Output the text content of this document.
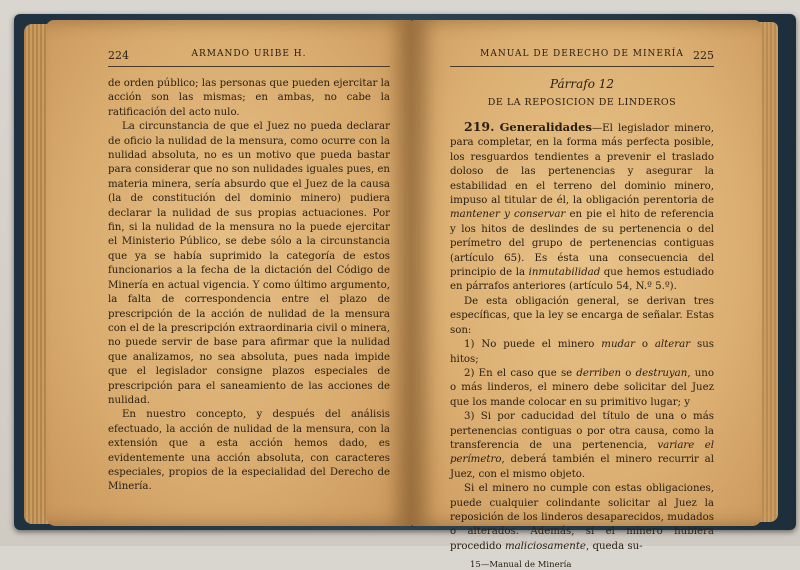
224	ARMANDO URIBE H.

de orden público; las personas que pueden ejercitar la acción son las mismas; en ambas, no cabe la ratificación del acto nulo.

La circunstancia de que el Juez no pueda declarar de oficio la nulidad de la mensura, como ocurre con la nulidad absoluta, no es un motivo que pueda bastar para considerar que no son nulidades iguales pues, en materia minera, sería absurdo que el Juez de la causa (la de constitución del dominio minero) pudiera declarar la nulidad de sus propias actuaciones. Por fin, si la nulidad de la mensura no la puede ejercitar el Ministerio Público, se debe sólo a la circunstancia que ya se había suprimido la categoría de estos funcionarios a la fecha de la dictación del Código de Minería en actual vigencia. Y como último argumento, la falta de correspondencia entre el plazo de prescripción de la acción de nulidad de la mensura con el de la prescripción extraordinaria civil o minera, no puede servir de base para afirmar que la nulidad que analizamos, no sea absoluta, pues nada impide que el legislador consigne plazos especiales de prescripción para el saneamiento de las acciones de nulidad.

En nuestro concepto, y después del análisis efectuado, la acción de nulidad de la mensura, con la extensión que a esta acción hemos dado, es evidentemente una acción absoluta, con caracteres especiales, propios de la especialidad del Derecho de Minería.

MANUAL DE DERECHO DE MINERÍA 225
Párrafo 12
DE LA REPOSICION DE LINDEROS

219. Generalidades—El legislador minero, para completar, en la forma más perfecta posible, los resguardos tendientes a prevenir el traslado doloso de las pertenencias y asegurar la estabilidad en el terreno del dominio minero, impuso al titular de él, la obligación perentoria de mantener y conservar en pie el hito de referencia y los hitos de deslindes de su pertenencia o del perímetro del grupo de pertenencias contiguas (artículo 65). Es ésta una consecuencia del principio de la inmutabilidad que hemos estudiado en párrafos anteriores (artículo 54, N.º 5.º).

De esta obligación general, se derivan tres específicas, que la ley se encarga de señalar. Estas son:

1) No puede el minero mudar o alterar sus hitos;

2) En el caso que se derriben o destruyan, uno o más linderos, el minero debe solicitar del Juez que los mande colocar en su primitivo lugar; y

3) Si por caducidad del título de una o más pertenencias contiguas o por otra causa, como la transferencia de una pertenencia, variare el perímetro, deberá también el minero recurrir al Juez, con el mismo objeto.

Si el minero no cumple con estas obligaciones, puede cualquier colindante solicitar al Juez la reposición de los linderos desaparecidos, mudados o alterados. Además, si el minero hubiera procedido maliciosamente, queda su-

15—Manual de Minería
